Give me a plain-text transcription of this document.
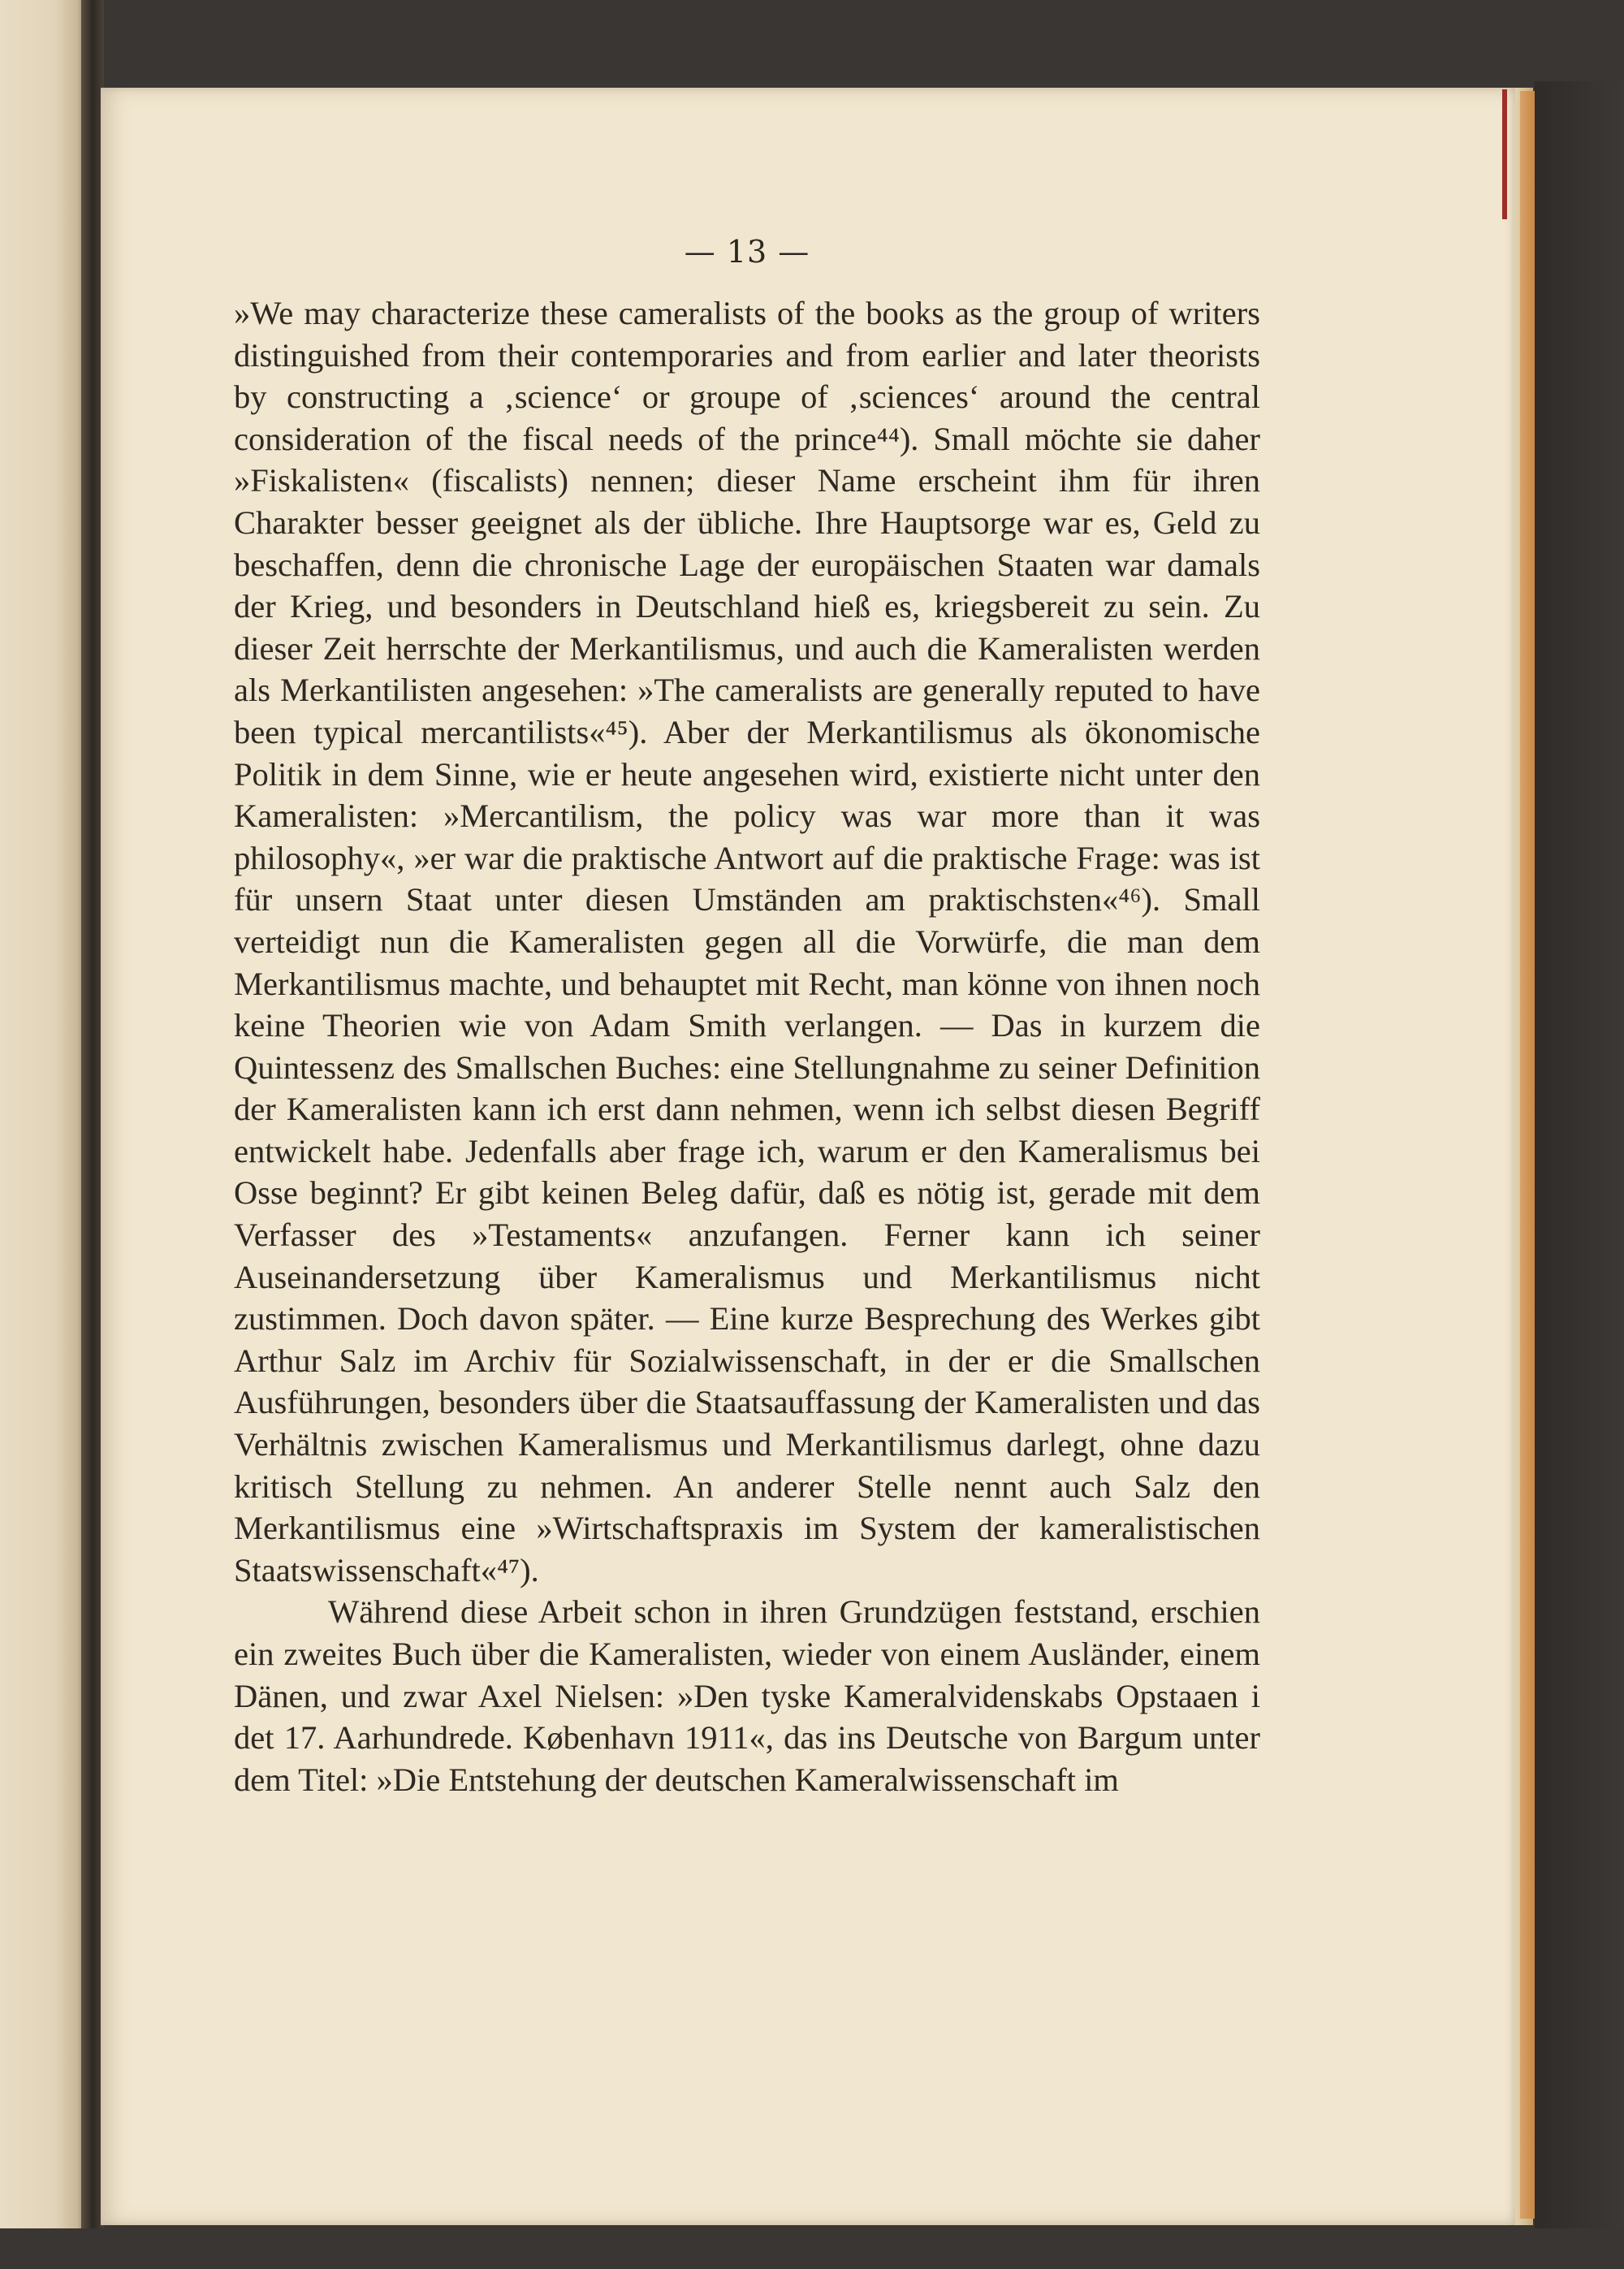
— 13 —

»We may characterize these cameralists of the books as the group of writers distinguished from their contemporaries and from earlier and later theorists by constructing a ‚science‘ or groupe of ‚sciences‘ around the central consideration of the fiscal needs of the prince⁴⁴). Small möchte sie daher »Fiskalisten« (fiscalists) nennen; dieser Name erscheint ihm für ihren Charakter besser geeignet als der übliche. Ihre Hauptsorge war es, Geld zu beschaffen, denn die chronische Lage der europäischen Staaten war damals der Krieg, und besonders in Deutschland hieß es, kriegsbereit zu sein. Zu dieser Zeit herrschte der Merkantilismus, und auch die Kameralisten werden als Merkantilisten angesehen: »The cameralists are generally reputed to have been typical mercantilists«⁴⁵). Aber der Merkantilismus als ökonomische Politik in dem Sinne, wie er heute angesehen wird, existierte nicht unter den Kameralisten: »Mercantilism, the policy was war more than it was philosophy«, »er war die praktische Antwort auf die praktische Frage: was ist für unsern Staat unter diesen Umständen am praktischsten«⁴⁶). Small verteidigt nun die Kameralisten gegen all die Vorwürfe, die man dem Merkantilismus machte, und behauptet mit Recht, man könne von ihnen noch keine Theorien wie von Adam Smith verlangen. — Das in kurzem die Quintessenz des Smallschen Buches: eine Stellungnahme zu seiner Definition der Kameralisten kann ich erst dann nehmen, wenn ich selbst diesen Begriff entwickelt habe. Jedenfalls aber frage ich, warum er den Kameralismus bei Osse beginnt? Er gibt keinen Beleg dafür, daß es nötig ist, gerade mit dem Verfasser des »Testaments« anzufangen. Ferner kann ich seiner Auseinandersetzung über Kameralismus und Merkantilismus nicht zustimmen. Doch davon später. — Eine kurze Besprechung des Werkes gibt Arthur Salz im Archiv für Sozialwissenschaft, in der er die Smallschen Ausführungen, besonders über die Staatsauffassung der Kameralisten und das Verhältnis zwischen Kameralismus und Merkantilismus darlegt, ohne dazu kritisch Stellung zu nehmen. An anderer Stelle nennt auch Salz den Merkantilismus eine »Wirtschaftspraxis im System der kameralistischen Staatswissenschaft«⁴⁷).

Während diese Arbeit schon in ihren Grundzügen feststand, erschien ein zweites Buch über die Kameralisten, wieder von einem Ausländer, einem Dänen, und zwar Axel Nielsen: »Den tyske Kameralvidenskabs Opstaaen i det 17. Aarhundrede. København 1911«, das ins Deutsche von Bargum unter dem Titel: »Die Entstehung der deutschen Kameralwissenschaft im
